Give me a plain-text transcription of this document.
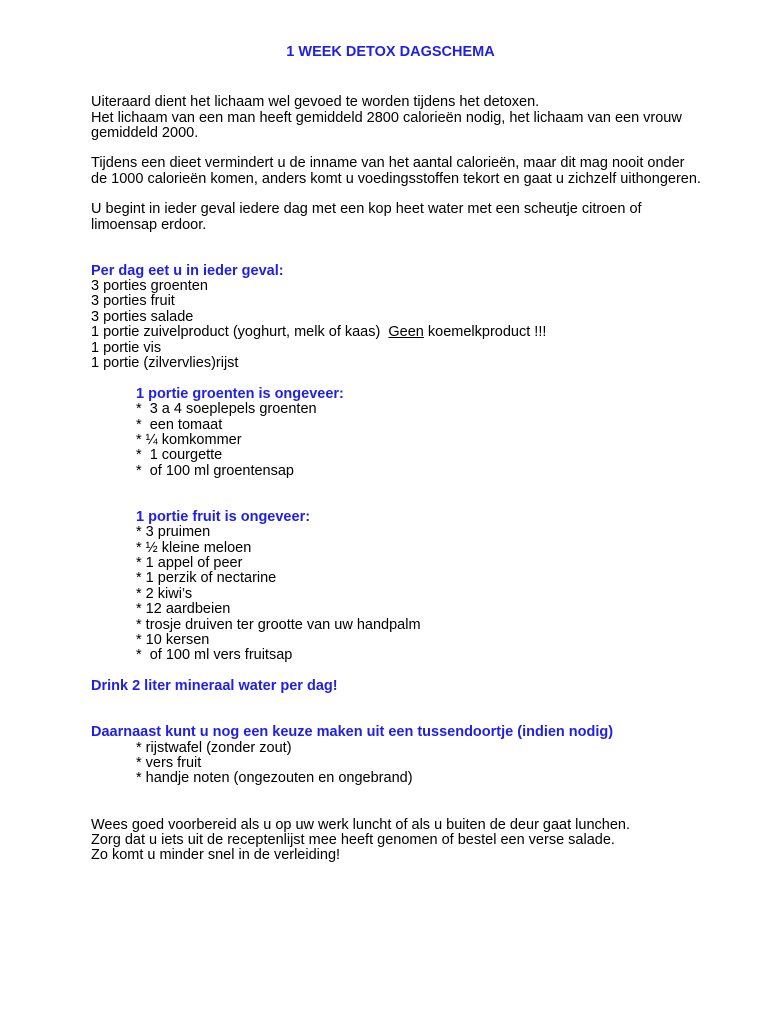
1 WEEK DETOX DAGSCHEMA
Uiteraard dient het lichaam wel gevoed te worden tijdens het detoxen.
Het lichaam van een man heeft gemiddeld 2800 calorieën nodig, het lichaam van een vrouw
gemiddeld 2000.
Tijdens een dieet vermindert u de inname van het aantal calorieën, maar dit mag nooit onder
de 1000 calorieën komen, anders komt u voedingsstoffen tekort en gaat u zichzelf uithongeren.
U begint in ieder geval iedere dag met een kop heet water met een scheutje citroen of
limoensap erdoor.
Per dag eet u in ieder geval:
3 porties groenten
3 porties fruit
3 porties salade
1 portie zuivelproduct (yoghurt, melk of kaas)  Geen koemelkproduct !!!
1 portie vis
1 portie (zilvervlies)rijst
1 portie groenten is ongeveer:
*  3 a 4 soeplepels groenten
*  een tomaat
* ¼ komkommer
*  1 courgette
*  of 100 ml groentensap
1 portie fruit is ongeveer:
* 3 pruimen
* ½ kleine meloen
* 1 appel of peer
* 1 perzik of nectarine
* 2 kiwi’s
* 12 aardbeien
* trosje druiven ter grootte van uw handpalm
* 10 kersen
*  of 100 ml vers fruitsap
Drink 2 liter mineraal water per dag!
Daarnaast kunt u nog een keuze maken uit een tussendoortje (indien nodig)
* rijstwafel (zonder zout)
* vers fruit
* handje noten (ongezouten en ongebrand)
Wees goed voorbereid als u op uw werk luncht of als u buiten de deur gaat lunchen.
Zorg dat u iets uit de receptenlijst mee heeft genomen of bestel een verse salade.
Zo komt u minder snel in de verleiding!
